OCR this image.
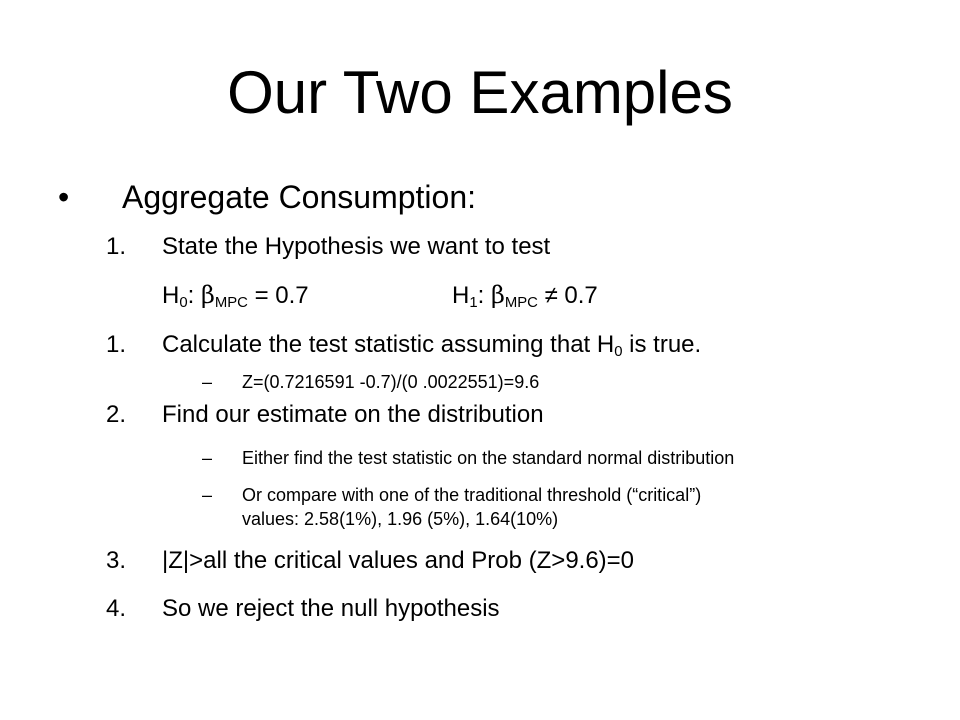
Our Two Examples
• Aggregate Consumption:
1. State the Hypothesis we want to test
$H_0$: $\beta_{MPC} = 0.7$	$H_1$: $\beta_{MPC} \ne 0.7$
1. Calculate the test statistic assuming that $H_0$ is true.
– Z=(0.7216591 -0.7)/(0 .0022551)=9.6
2. Find our estimate on the distribution
– Either find the test statistic on the standard normal distribution
– Or compare with one of the traditional threshold (“critical”)
values: 2.58(1%), 1.96 (5%), 1.64(10%)
3. |Z|>all the critical values and Prob (Z>9.6)=0
4. So we reject the null hypothesis
